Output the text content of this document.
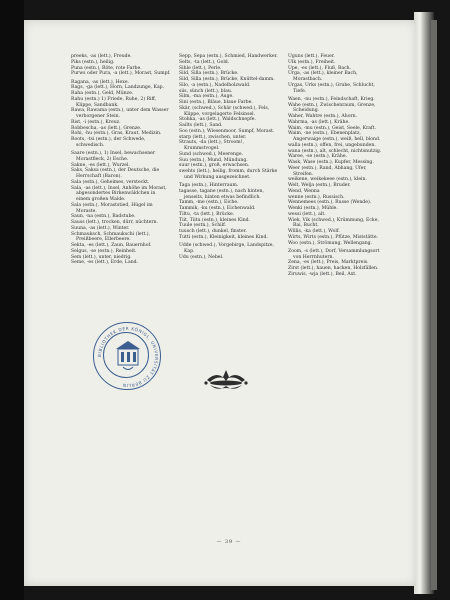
preeks, -as (lett.), Freude.

Piks (estn.), heilig.

Puna (estn.), Röte, rote Farbe.

Purws oder Pura, -a (lett.), Morast, Sumpf.

Ragana, -as (lett.), Hexe.

Rags, -ga (lett.), Horn, Landzunge, Kap.

Raha (estn.), Geld, Münze.

Rahu (estn.) 1) Friede, Ruhe, 2) Riff, Klippe, Sandbank.

Rawa, Rawama (estn.), unter dem Wasser verborgener Stein.

Rist, -i (estn.), Kreuz.

Robbescha, -as (lett.), Grenze.

Rohi, -hu (estn.), Gras, Kraut, Medizin.

Roots, -tsi (estn.), der Schwede, schwedisch.

Saare (estn.), 1) Insel, bewachsener Morastfleck, 2) Esche.

Sakne, -es (lett.), Wurzel.

Saks, Saksa (estn.), der Deutsche, die Herrschaft (Baron).

Sala (estn.), Geheimes, versteckt.

Sala, -as (lett.), Insel, Anhöhe im Morast, abgesondertes Birkenwäldchen in einem großen Walde.

Sala (estn.), Moraststied, Hügel im Moraste.

Saun, -na (estn.), Badstube.

Sauss (lett.), trocken, dürr, nüchtern.

Suuna, -as (lett.), Winter.

Schmauksch, Schmaukschi (lett.), Preißbeere, Ellerbeere.

Sekta, -es (lett.), Zaun, Bauernhof.

Selgus, -se (estn.), Reinheit.

Sem (lett.), unter, niedrig.

Seme, -es (lett.), Erde, Land.

Sepp, Sepa (estn.), Schmied, Handwerker.

Selts, -ta (lett.), Gold.

Sihle (lett.), Perle.

Sild, Silla (estn.), Brücke.

Sild, Silla (estn.), Brücke, Knüttel-damm.

Silo, -a (estn.), Nadelholzwald.

siis, sünch (lett.), blau.

Silm, -ma (estn.), Auge.

Sini (estn.), Bläue, blaue Farbe.

Skär, (schwed.), Schär (schwed.), Fels, Klippe, vorgelagerte Felsinsel.

Stohka, -as (lett.), Waldschnepfe.

Sailts (lett.), Sand.

Soo (estn.), Wiesenmoor, Sumpf, Morast.

starp (lett.), zwischen, unter.

Strauts, -da (lett.), Stroom!, Krummstvogel.

Sund (schwed.), Meerenge.

Suu (estn.), Mund, Mündung.

suur (estn.), groß, erwachsen.

swehts (lett.), heilig, fromm, durch Stärke und Wirkung ausgezeichnet.

Taga (estn.), Hinterraum.

tagasse, tagane (estn.), nach hinten, jenseits, hinten etwas befindlich.

Tamm, -me (estn.), Eiche.

Tammik, -ku (estn.), Eichenwald.

Tiltu, -ta (lett.), Brücke.

Tiit, Tiitu (estn.), kleines Kind.

Tuule (estn.), Schilf.

tuusch (lett.), dunkel, finster.

Tutti (estn.), Kleinigkeit, kleines Kind.

Udde (schwed.), Vorgebirge, Landspitze, Kap.

Udu (estn.), Nebel.

Uguns (lett.), Feuer.

Ulk (estn.), Freiheit.

Upe, -es (lett.), Fluß, Bach.

Urga, -as (lett.), kleiner Bach, Morastbach.

Urgas, Urks (estn.), Grube, Schlucht, Tiefe.

Waen, -nu (estn.), Feindschaft, Krieg.

Wahe (estn.), Zwischenraum, Grenze, Scheidung.

Waher, Wahtre (estn.), Ahorn.

Wahrma, -as (lett.), Krähe.

Waim, -mu (estn.), Geist, Seele, Kraft.

Waim, -ne (estn.), Ebenenplatz, Angerwaige (estn.), weiß, hell, blond.

walla (estn.), offen, frei, ungebunden.

wana (estn.), alt, schlecht, nichtsnutzig.

Waree, -se (estn.), Krähe.

Wask, Wase (estn.), Kupfer, Messing.

Weer (estn.), Rand, Abhang, Ufer, Streifen.

weikene, weikekeee (estn.), klein.

Welt, Welja (estn.), Bruder.

Wend, Wenna

wenne (estn.), Russisch.

Wennemees (estn.), Russe (Wende).

Wenki (estn.), Mühle.

wessi (lett.), alt.

Wiek, Vik (schwed.), Krümmung, Ecke, Bai, Bucht.

Willis, -ka (lett.), Wolf.

Wirts, Wirts (estn.), Pfütze, Miststätte.

Woo (estn.), Strömung, Wellengang.

Zoom, -s (lett.), Dorf, Versammlungsort von Herrnhutern.

Zena, -es (lett.), Preis, Marktpreis.

Zirst (lett.), hauen, hacken, Holzfällen.

Ziruwis, -wja (lett.), Beil, Axt.

BIBLIOTHEK DER KÖNIGL. UNIVERSITÄT ZU BERLIN
— 39 —
